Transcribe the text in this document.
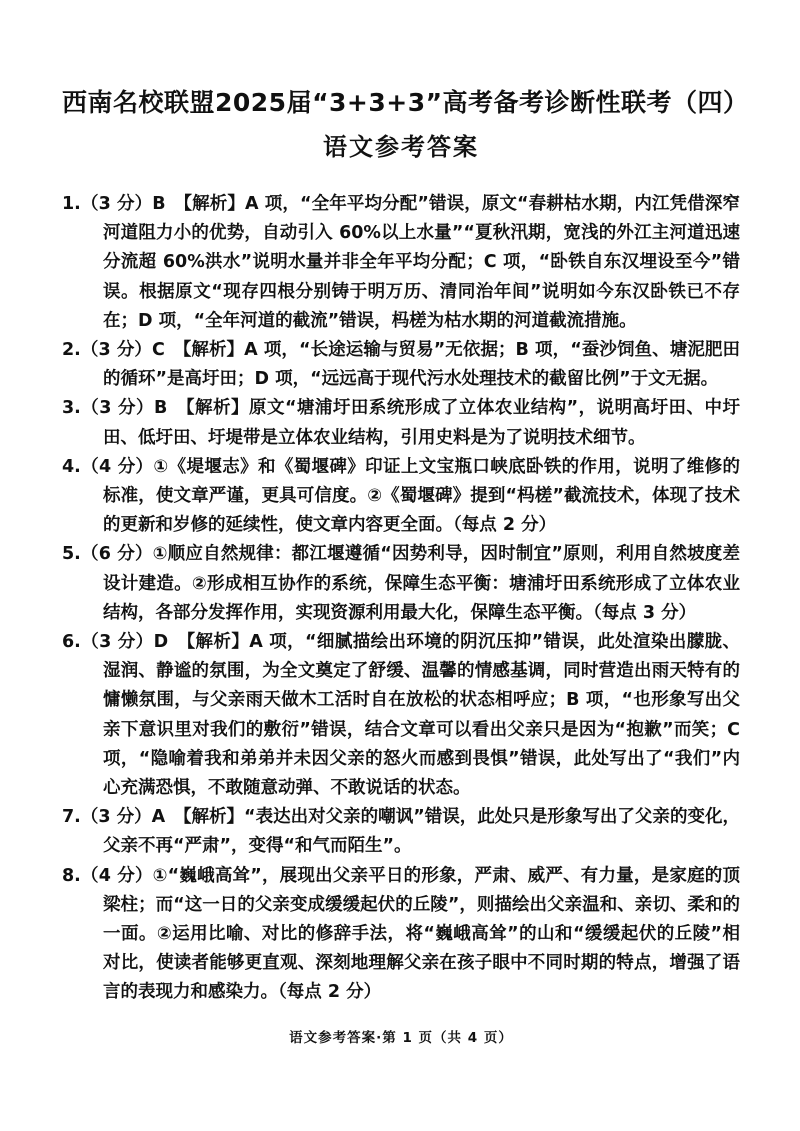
西南名校联盟2025届“3+3+3”高考备考诊断性联考（四）
语文参考答案

1.（3 分）B　【解析】A 项，“全年平均分配”错误，原文“春耕枯水期，内江凭借深窄河道阻力小的优势，自动引入 60%以上水量”“夏秋汛期，宽浅的外江主河道迅速分流超 60%洪水”说明水量并非全年平均分配；C 项，“卧铁自东汉埋设至今”错误。根据原文“现存四根分别铸于明万历、清同治年间”说明如今东汉卧铁已不存在；D 项，“全年河道的截流”错误，杩槎为枯水期的河道截流措施。

2.（3 分）C　【解析】A 项，“长途运输与贸易”无依据；B 项，“蚕沙饲鱼、塘泥肥田的循环”是高圩田；D 项，“远远高于现代污水处理技术的截留比例”于文无据。

3.（3 分）B　【解析】原文“塘浦圩田系统形成了立体农业结构”，说明高圩田、中圩田、低圩田、圩堤带是立体农业结构，引用史料是为了说明技术细节。

4.（4 分）①《堤堰志》和《蜀堰碑》印证上文宝瓶口峡底卧铁的作用，说明了维修的标准，使文章严谨，更具可信度。②《蜀堰碑》提到“杩槎”截流技术，体现了技术的更新和岁修的延续性，使文章内容更全面。（每点 2 分）

5.（6 分）①顺应自然规律：都江堰遵循“因势利导，因时制宜”原则，利用自然坡度差设计建造。②形成相互协作的系统，保障生态平衡：塘浦圩田系统形成了立体农业结构，各部分发挥作用，实现资源利用最大化，保障生态平衡。（每点 3 分）

6.（3 分）D　【解析】A 项，“细腻描绘出环境的阴沉压抑”错误，此处渲染出朦胧、湿润、静谧的氛围，为全文奠定了舒缓、温馨的情感基调，同时营造出雨天特有的慵懒氛围，与父亲雨天做木工活时自在放松的状态相呼应；B 项，“也形象写出父亲下意识里对我们的敷衍”错误，结合文章可以看出父亲只是因为“抱歉”而笑；C 项，“隐喻着我和弟弟并未因父亲的怒火而感到畏惧”错误，此处写出了“我们”内心充满恐惧，不敢随意动弹、不敢说话的状态。

7.（3 分）A　【解析】“表达出对父亲的嘲讽”错误，此处只是形象写出了父亲的变化，父亲不再“严肃”，变得“和气而陌生”。

8.（4 分）①“巍峨高耸”，展现出父亲平日的形象，严肃、威严、有力量，是家庭的顶梁柱；而“这一日的父亲变成缓缓起伏的丘陵”，则描绘出父亲温和、亲切、柔和的一面。②运用比喻、对比的修辞手法，将“巍峨高耸”的山和“缓缓起伏的丘陵”相对比，使读者能够更直观、深刻地理解父亲在孩子眼中不同时期的特点，增强了语言的表现力和感染力。（每点 2 分）

语文参考答案·第 1 页（共 4 页）
